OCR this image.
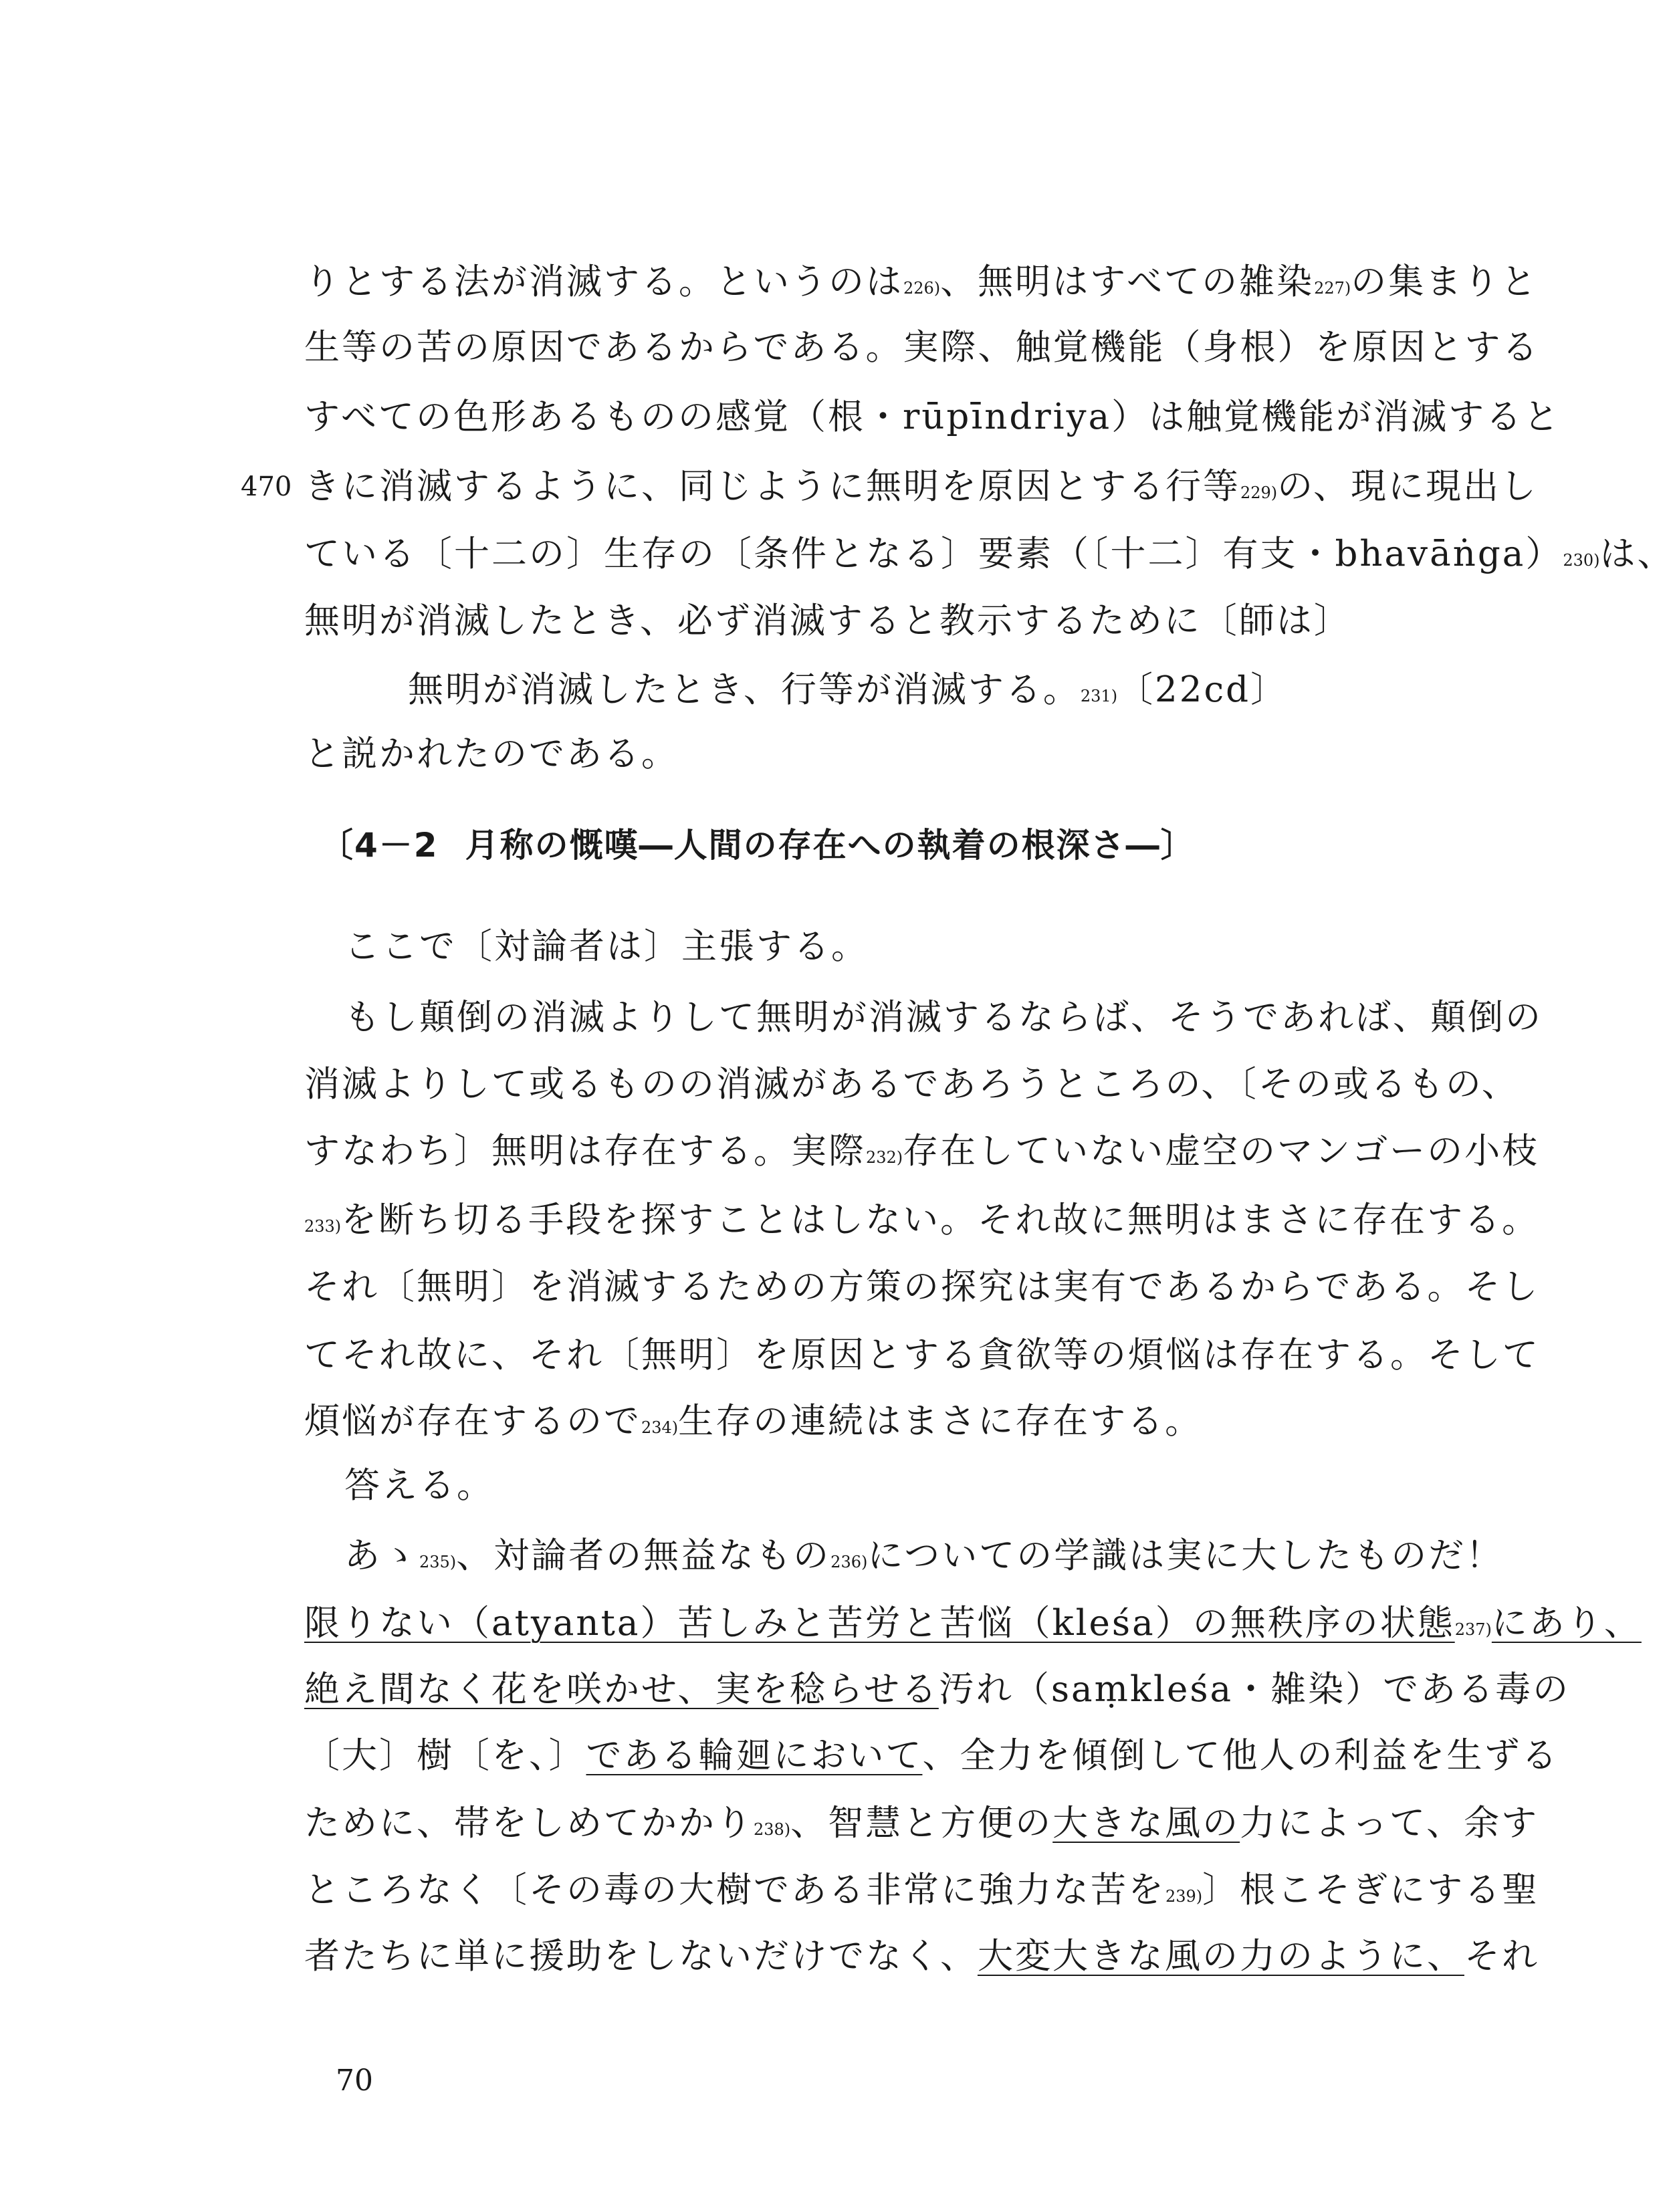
470
〔4－2 月称の慨嘆―人間の存在への執着の根深さ―〕
りとする法が消滅する。というのは$^{226)}$、無明はすべての雑染$^{227)}$の集まりと
生等の苦の原因であるからである。実際、触覚機能（身根）を原因とする
すべての色形あるものの感覚（根・rūpīndriya）は触覚機能が消滅すると
きに消滅するように、同じように無明を原因とする行等$^{229)}$の、現に現出し
ている〔十二の〕生存の〔条件となる〕要素（〔十二〕有支・bhavāṅga）$^{230)}$は、
無明が消滅したとき、必ず消滅すると教示するために〔師は〕
無明が消滅したとき、行等が消滅する。$^{231)}$〔22cd〕
と説かれたのである。
ここで〔対論者は〕主張する。
もし顛倒の消滅よりして無明が消滅するならば、そうであれば、顛倒の
消滅よりして或るものの消滅があるであろうところの、〔その或るもの、
すなわち〕無明は存在する。実際$^{232)}$存在していない虚空のマンゴーの小枝
$^{233)}$を断ち切る手段を探すことはしない。それ故に無明はまさに存在する。
それ〔無明〕を消滅するための方策の探究は実有であるからである。そし
てそれ故に、それ〔無明〕を原因とする貪欲等の煩悩は存在する。そして
煩悩が存在するので$^{234)}$生存の連続はまさに存在する。
答える。
あゝ$^{235)}$、対論者の無益なもの$^{236)}$についての学識は実に大したものだ！
限りない（atyanta）苦しみと苦労と苦悩（kleśa）の無秩序の状態$^{237)}$にあり、
絶え間なく花を咲かせ、実を稔らせる汚れ（saṃkleśa・雑染）である毒の
〔大〕樹〔を、〕である輪廻において、全力を傾倒して他人の利益を生ずる
ために、帯をしめてかかり$^{238)}$、智慧と方便の大きな風の力によって、余す
ところなく〔その毒の大樹である非常に強力な苦を$^{239)}$〕根こそぎにする聖
者たちに単に援助をしないだけでなく、大変大きな風の力のように、それ
70
